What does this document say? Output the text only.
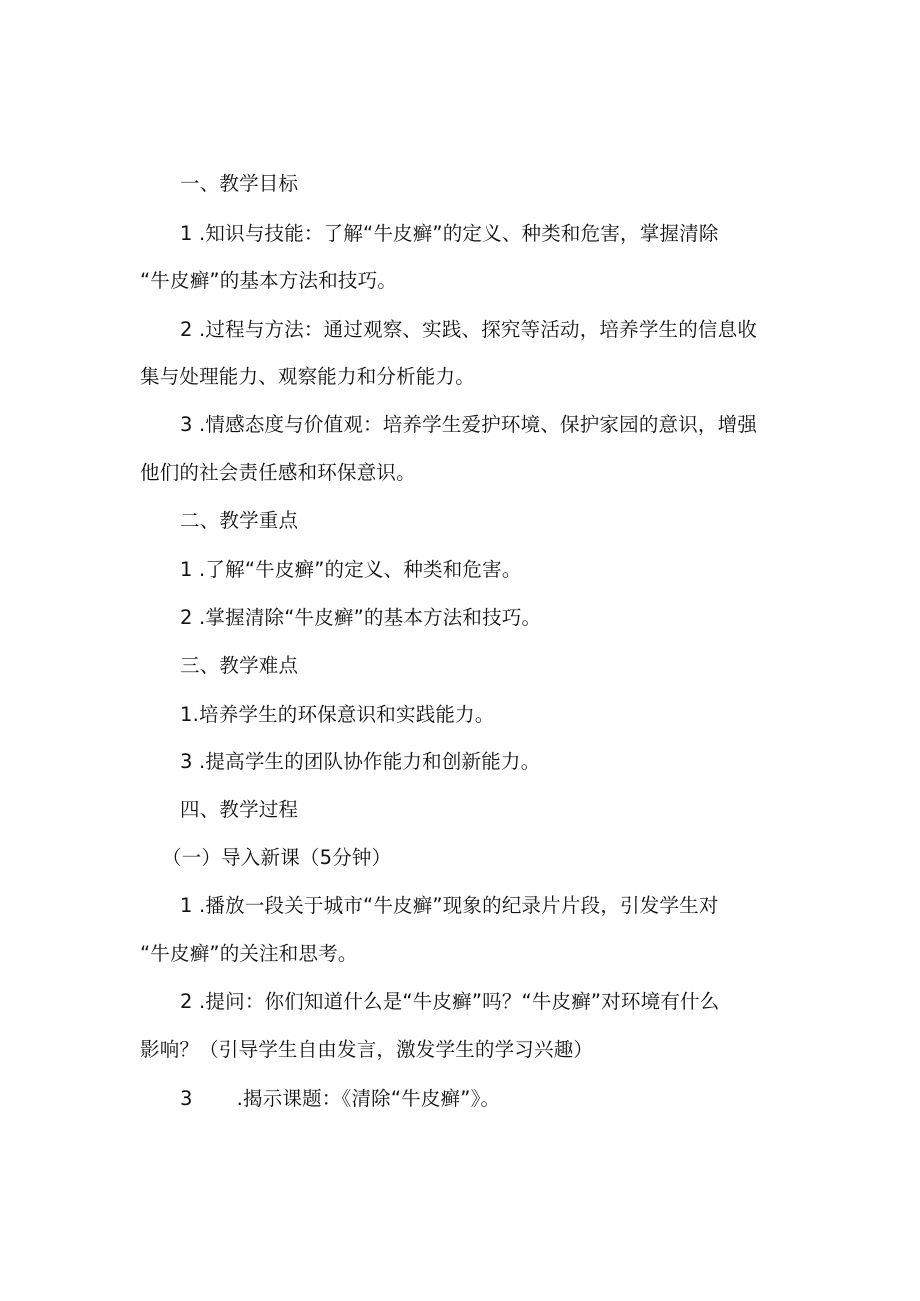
一、教学目标
1 .知识与技能：了解“牛皮癣”的定义、种类和危害，掌握清除
“牛皮癣”的基本方法和技巧。
2 .过程与方法：通过观察、实践、探究等活动，培养学生的信息收
集与处理能力、观察能力和分析能力。
3 .情感态度与价值观：培养学生爱护环境、保护家园的意识，增强
他们的社会责任感和环保意识。
二、教学重点
1 .了解“牛皮癣”的定义、种类和危害。
2 .掌握清除“牛皮癣”的基本方法和技巧。
三、教学难点
1.培养学生的环保意识和实践能力。
3 .提高学生的团队协作能力和创新能力。
四、教学过程
（一）导入新课（5分钟）
1 .播放一段关于城市“牛皮癣”现象的纪录片片段，引发学生对
“牛皮癣”的关注和思考。
2 .提问：你们知道什么是“牛皮癣”吗？“牛皮癣”对环境有什么
影响？（引导学生自由发言，激发学生的学习兴趣）
3 .揭示课题：《清除“牛皮癣”》。
